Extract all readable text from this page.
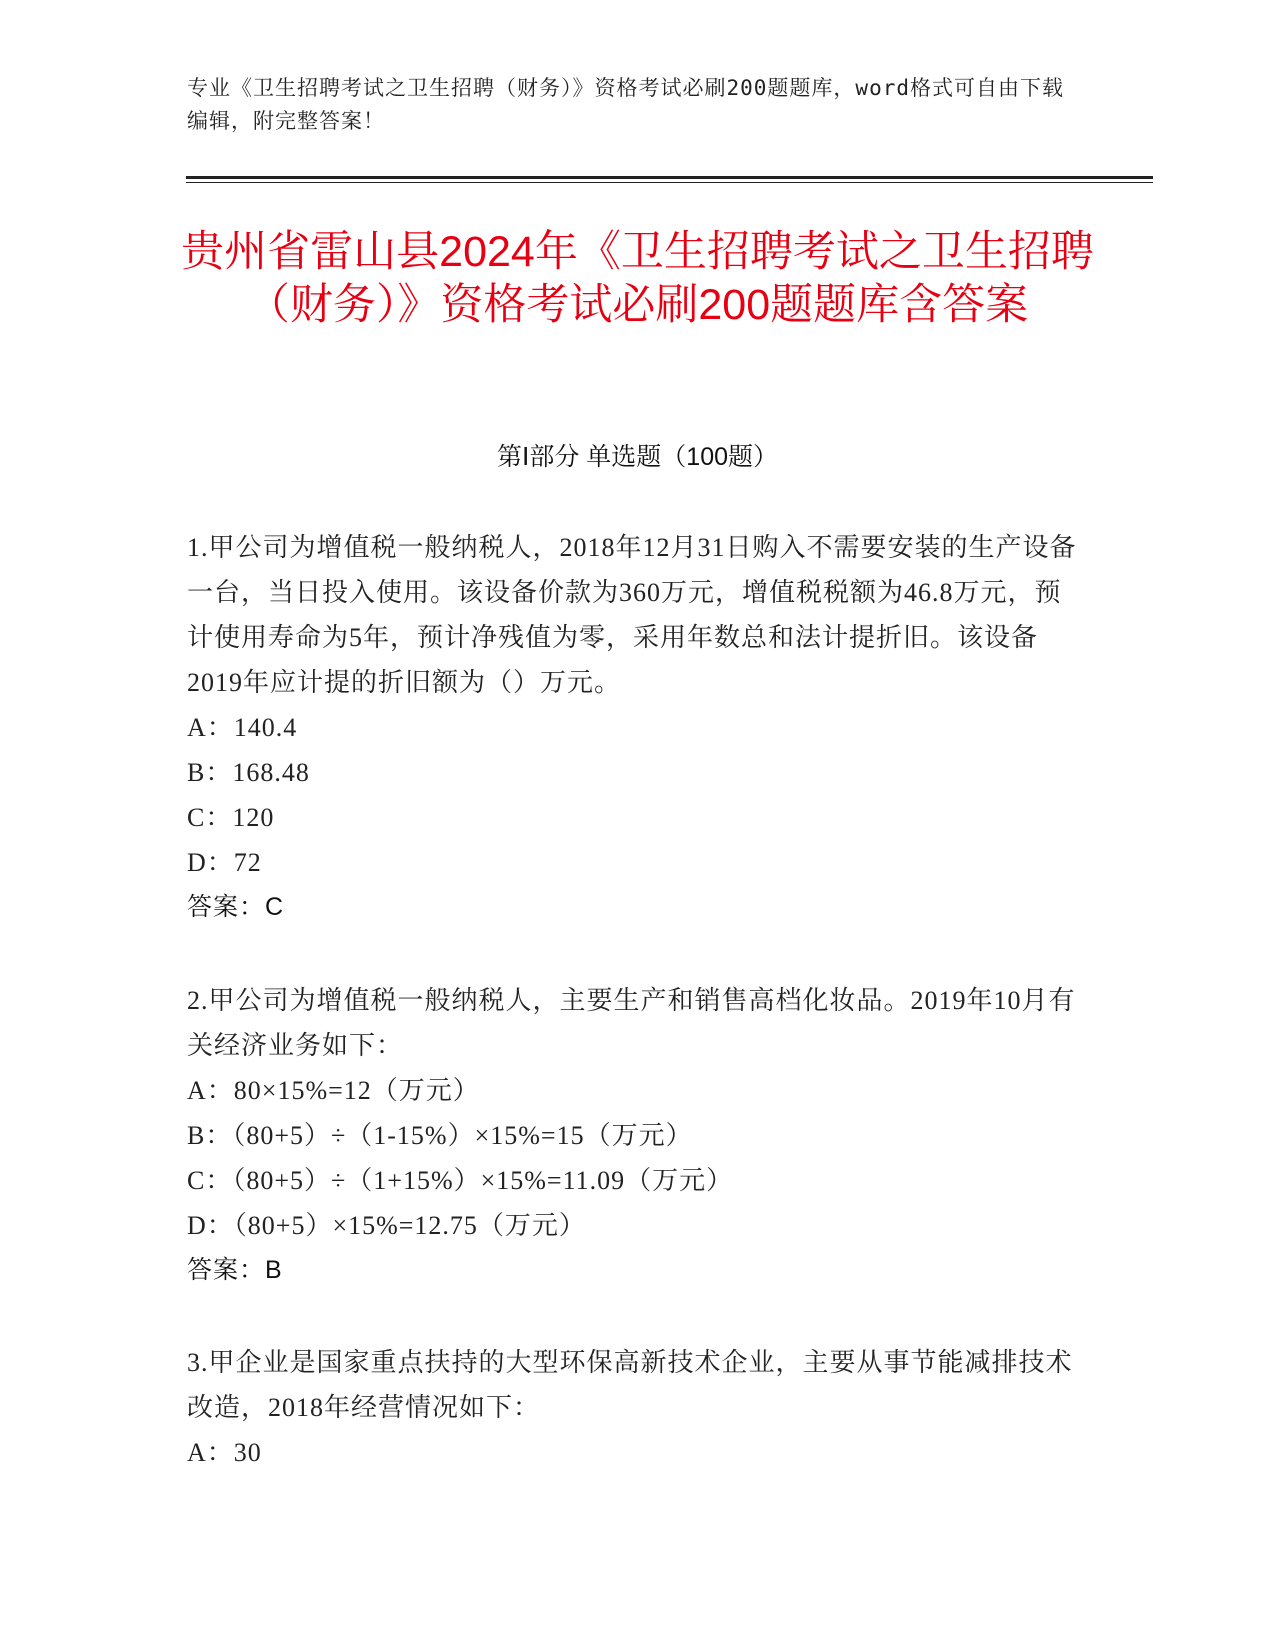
专业《卫生招聘考试之卫生招聘（财务）》资格考试必刷200题题库，word格式可自由下载编辑，附完整答案！
贵州省雷山县2024年《卫生招聘考试之卫生招聘（财务）》资格考试必刷200题题库含答案
第Ⅰ部分 单选题（100题）

1.甲公司为增值税一般纳税人，2018年12月31日购入不需要安装的生产设备一台，当日投入使用。该设备价款为360万元，增值税税额为46.8万元，预计使用寿命为5年，预计净残值为零，采用年数总和法计提折旧。该设备2019年应计提的折旧额为（）万元。

A：140.4

B：168.48

C：120

D：72

答案：C

2.甲公司为增值税一般纳税人，主要生产和销售高档化妆品。2019年10月有关经济业务如下：

A：80×15%=12（万元）

B：（80+5）÷（1-15%）×15%=15（万元）

C：（80+5）÷（1+15%）×15%=11.09（万元）

D：（80+5）×15%=12.75（万元）

答案：B

3.甲企业是国家重点扶持的大型环保高新技术企业，主要从事节能减排技术改造，2018年经营情况如下：

A：30
